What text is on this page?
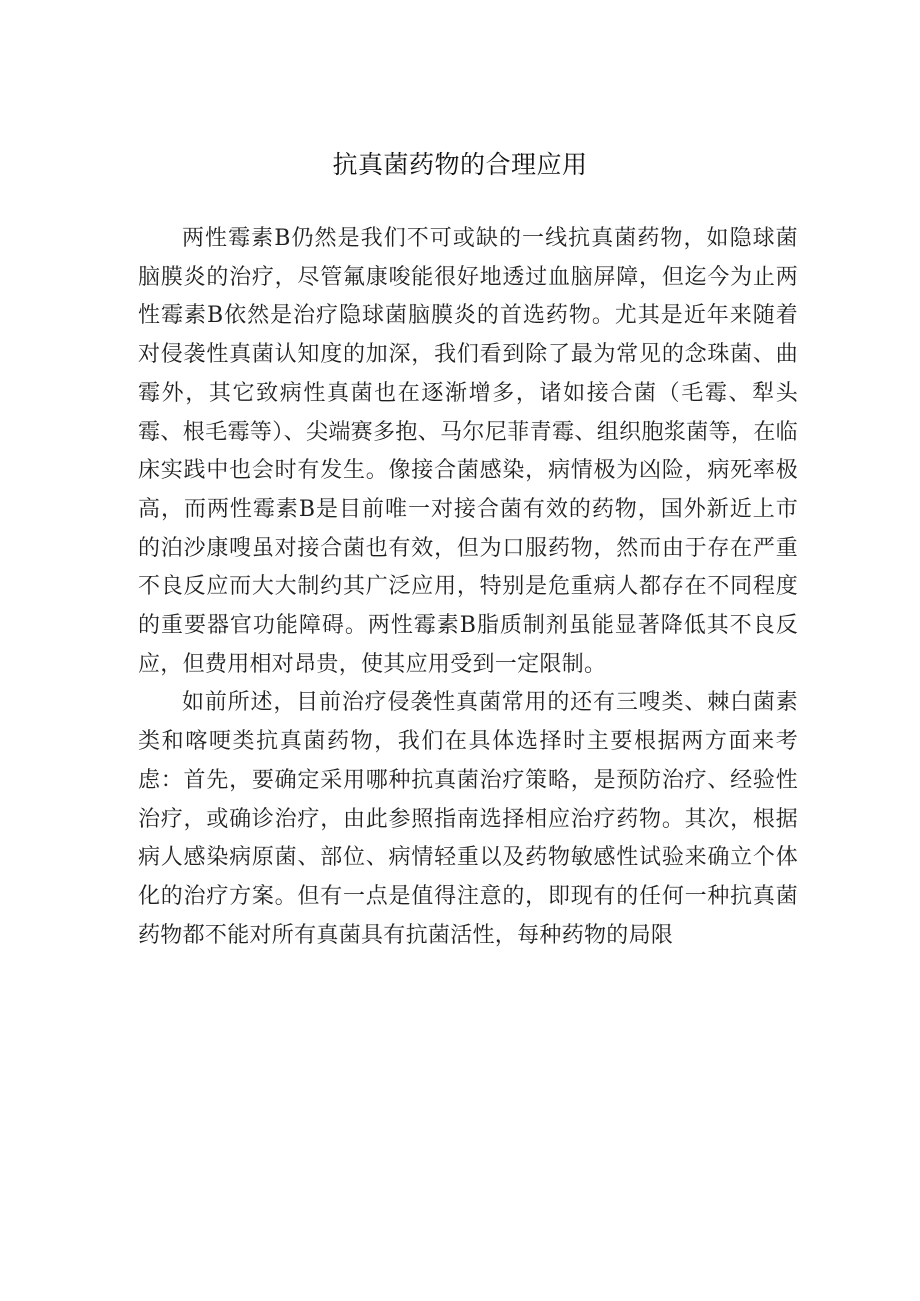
抗真菌药物的合理应用

两性霉素B仍然是我们不可或缺的一线抗真菌药物，如隐球菌脑膜炎的治疗，尽管氟康唆能很好地透过血脑屏障，但迄今为止两性霉素B依然是治疗隐球菌脑膜炎的首选药物。尤其是近年来随着对侵袭性真菌认知度的加深，我们看到除了最为常见的念珠菌、曲霉外，其它致病性真菌也在逐渐增多，诸如接合菌（毛霉、犁头霉、根毛霉等）、尖端赛多抱、马尔尼菲青霉、组织胞浆菌等，在临床实践中也会时有发生。像接合菌感染，病情极为凶险，病死率极高，而两性霉素B是目前唯一对接合菌有效的药物，国外新近上市的泊沙康嗖虽对接合菌也有效，但为口服药物，然而由于存在严重不良反应而大大制约其广泛应用，特别是危重病人都存在不同程度的重要器官功能障碍。两性霉素B脂质制剂虽能显著降低其不良反应，但费用相对昂贵，使其应用受到一定限制。

如前所述，目前治疗侵袭性真菌常用的还有三嗖类、棘白菌素类和喀哽类抗真菌药物，我们在具体选择时主要根据两方面来考虑：首先，要确定采用哪种抗真菌治疗策略，是预防治疗、经验性治疗，或确诊治疗，由此参照指南选择相应治疗药物。其次，根据病人感染病原菌、部位、病情轻重以及药物敏感性试验来确立个体化的治疗方案。但有一点是值得注意的，即现有的任何一种抗真菌药物都不能对所有真菌具有抗菌活性，每种药物的局限
